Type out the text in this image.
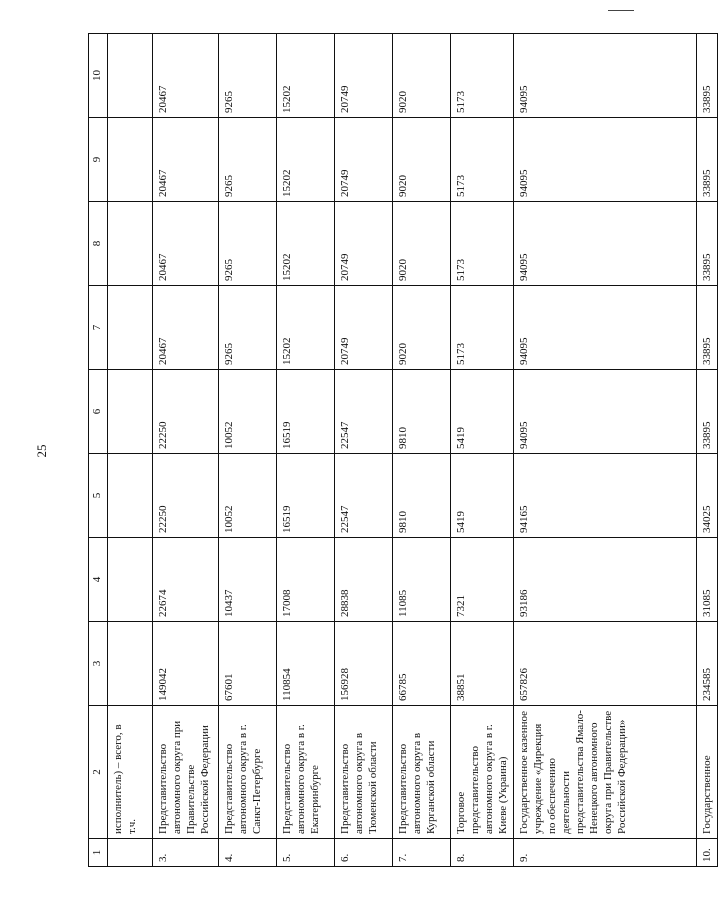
25
1	2	3	4	5	6	7	8	9	10
	исполнитель) – всего, в т.ч.								
3.	Представительство автономного округа при Правительстве Российской Федерации	149042	22674	22250	22250	20467	20467	20467	20467
4.	Представительство автономного округа в г. Санкт-Петербурге	67601	10437	10052	10052	9265	9265	9265	9265
5.	Представительство автономного округа в г. Екатеринбурге	110854	17008	16519	16519	15202	15202	15202	15202
6.	Представительство автономного округа в Тюменской области	156928	28838	22547	22547	20749	20749	20749	20749
7.	Представительство автономного округа в Курганской области	66785	11085	9810	9810	9020	9020	9020	9020
8.	Торговое представительство автономного округа в г. Киеве (Украина)	38851	7321	5419	5419	5173	5173	5173	5173
9.	Государственное казенное учреждение «Дирекция по обеспечению деятельности представительства Ямало-Ненецкого автономного округа при Правительстве Российской Федерации»	657826	93186	94165	94095	94095	94095	94095	94095
10.	Государственное	234585	31085	34025	33895	33895	33895	33895	33895
